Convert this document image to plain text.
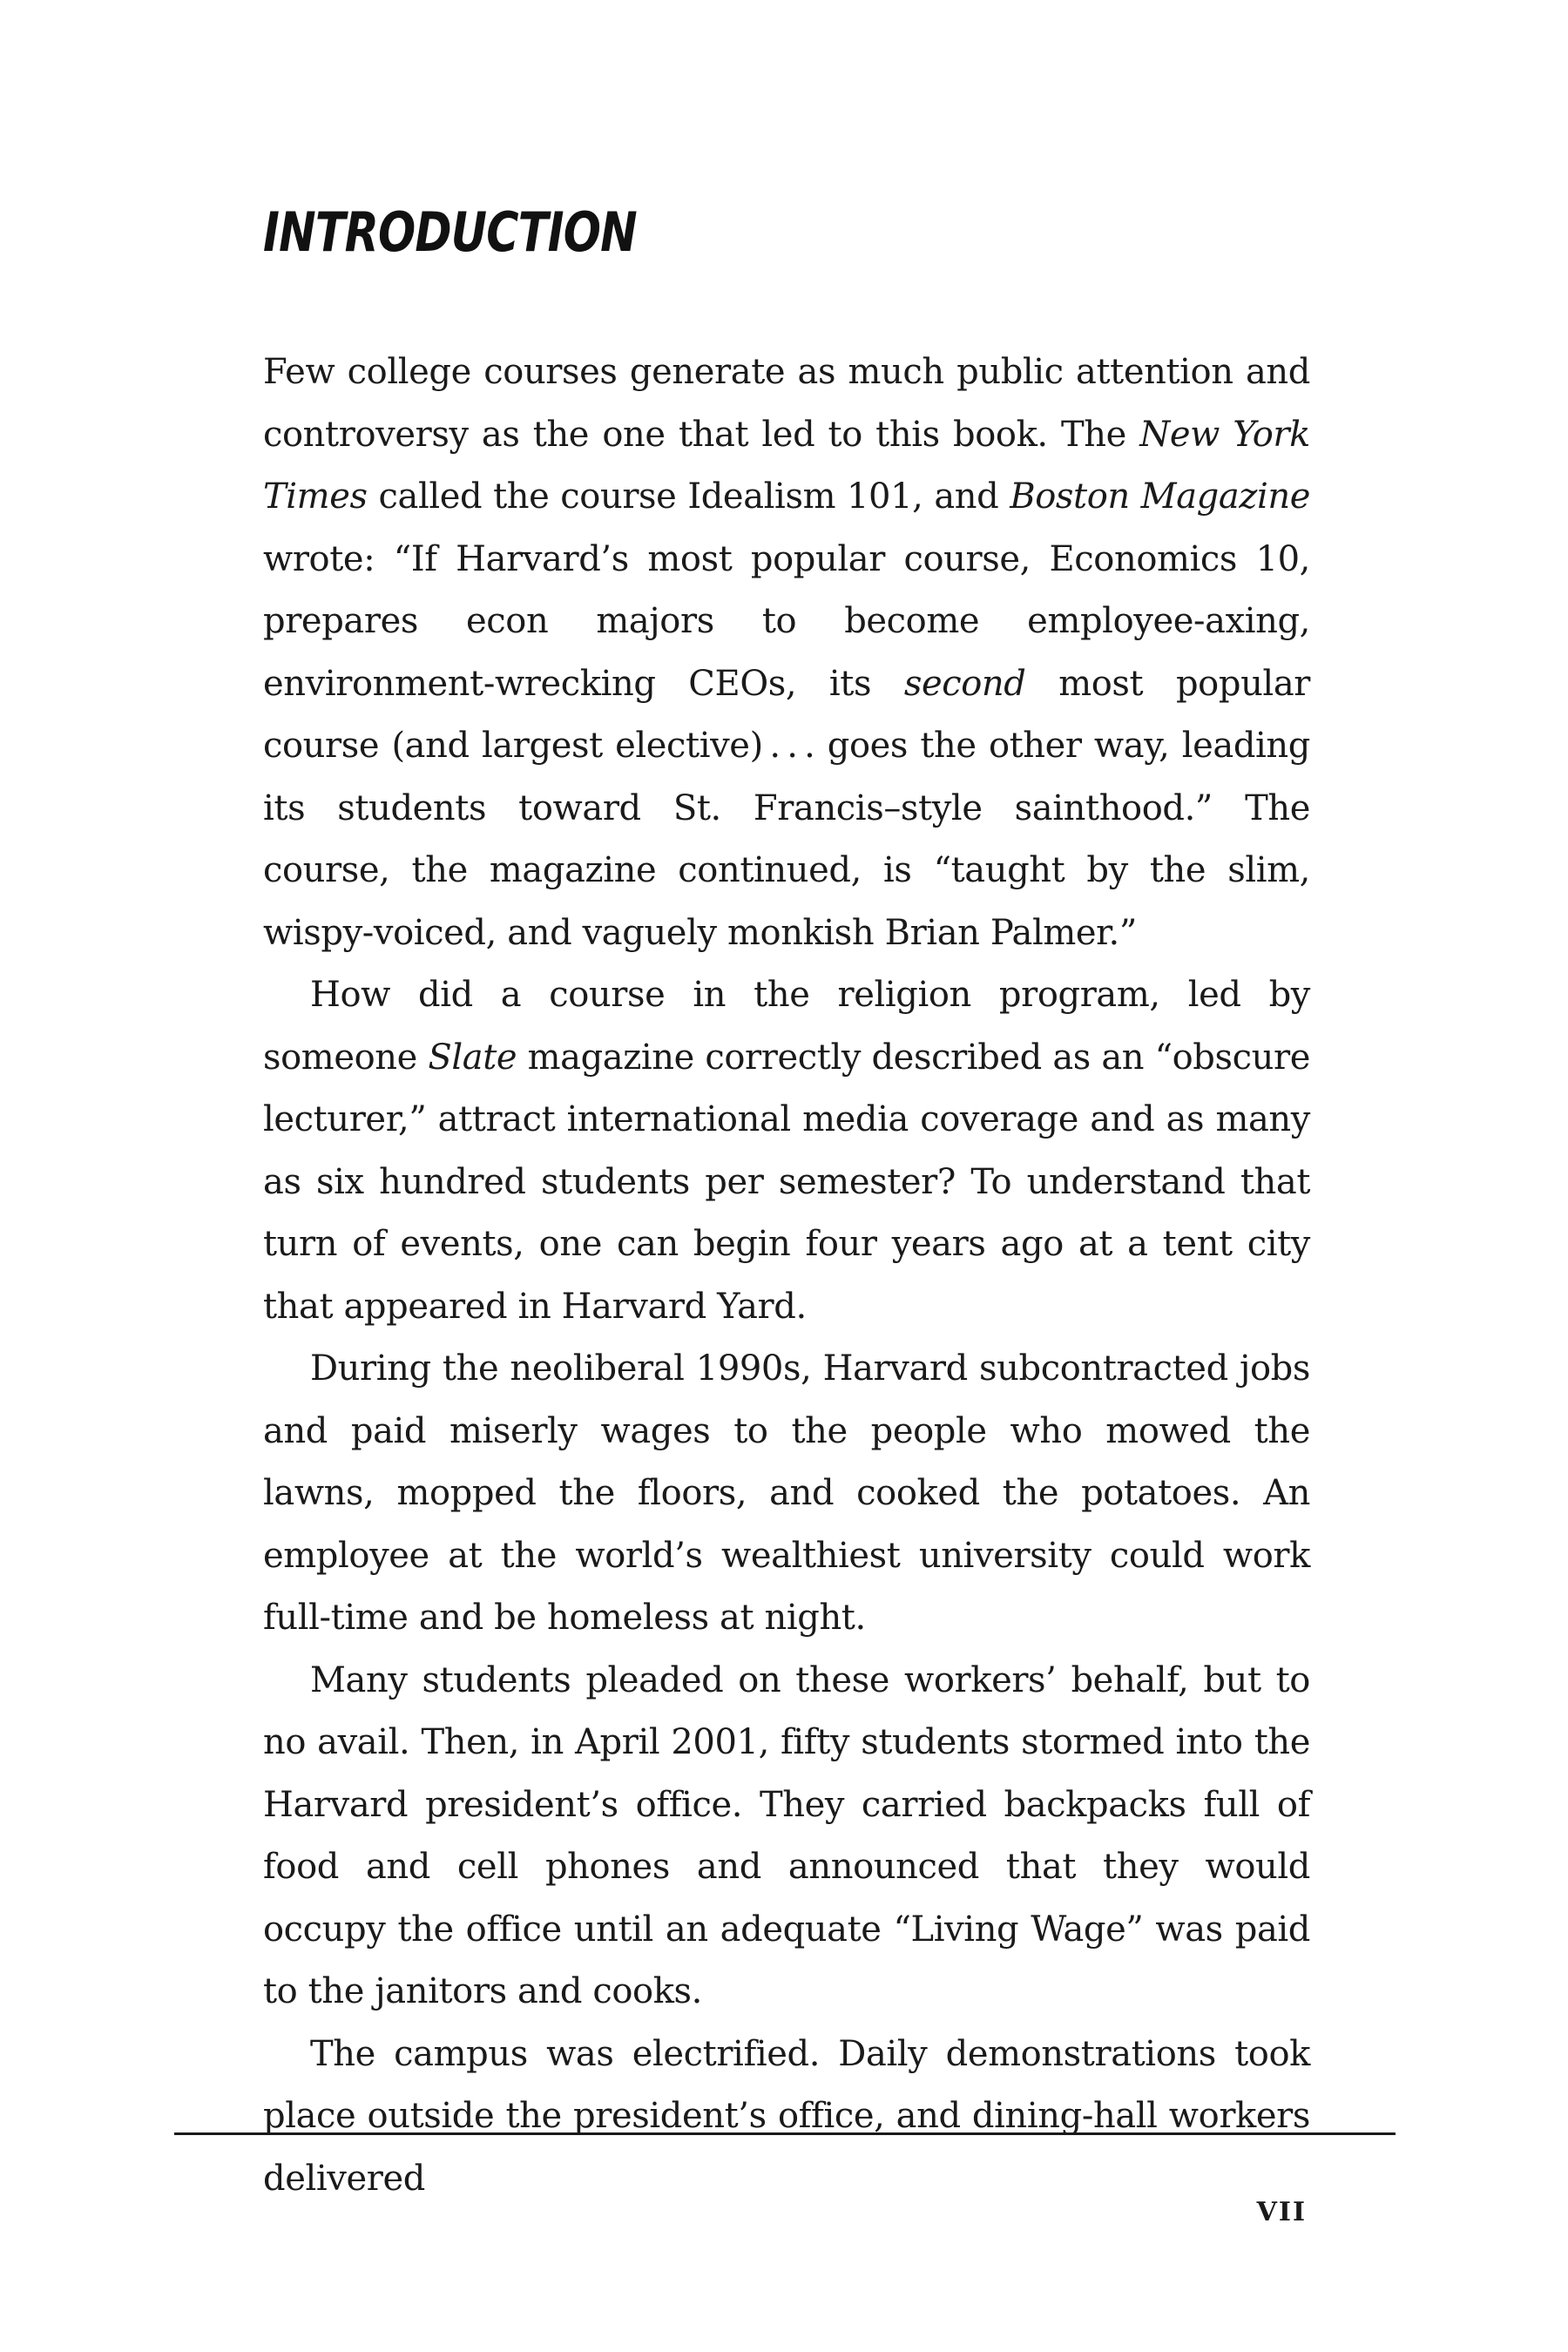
INTRODUCTION

Few college courses generate as much public attention and controversy as the one that led to this book. The New York Times called the course Idealism 101, and Boston Magazine wrote: “If Harvard’s most popular course, Economics 10, prepares econ majors to become employee-axing, environment-wrecking CEOs, its second most popular course (and largest elective) . . . goes the other way, leading its students toward St. Francis–style sainthood.” The course, the magazine continued, is “taught by the slim, wispy-voiced, and vaguely monkish Brian Palmer.”

How did a course in the religion program, led by someone Slate magazine correctly described as an “obscure lecturer,” attract international media coverage and as many as six hundred students per semester? To understand that turn of events, one can begin four years ago at a tent city that appeared in Harvard Yard.

During the neoliberal 1990s, Harvard subcontracted jobs and paid miserly wages to the people who mowed the lawns, mopped the floors, and cooked the potatoes. An employee at the world’s wealthiest university could work full-time and be homeless at night.

Many students pleaded on these workers’ behalf, but to no avail. Then, in April 2001, fifty students stormed into the Harvard president’s office. They carried backpacks full of food and cell phones and announced that they would occupy the office until an adequate “Living Wage” was paid to the janitors and cooks.

The campus was electrified. Daily demonstrations took place outside the president’s office, and dining-hall workers delivered

VII
